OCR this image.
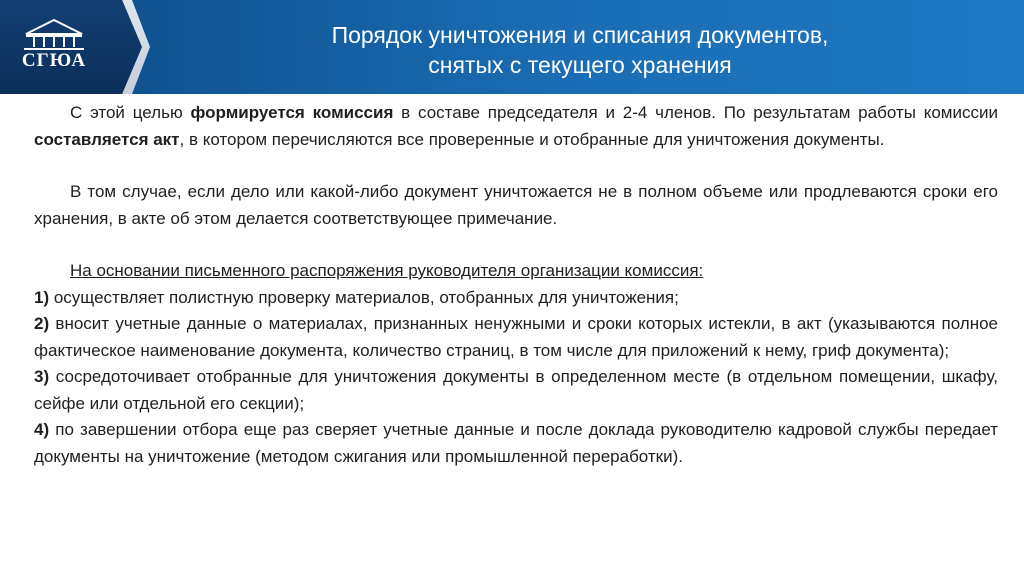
СГЮА
Порядок уничтожения и списания документов,
снятых с текущего хранения

С этой целью формируется комиссия в составе председателя и 2-4 членов. По результатам работы комиссии составляется акт, в котором перечисляются все проверенные и отобранные для уничтожения документы.

В том случае, если дело или какой-либо документ уничтожается не в полном объеме или продлеваются сроки его хранения, в акте об этом делается соответствующее примечание.

На основании письменного распоряжения руководителя организации комиссия:

1) осуществляет полистную проверку материалов, отобранных для уничтожения;

2) вносит учетные данные о материалах, признанных ненужными и сроки которых истекли, в акт (указываются полное фактическое наименование документа, количество страниц, в том числе для приложений к нему, гриф документа);

3) сосредоточивает отобранные для уничтожения документы в определенном месте (в отдельном помещении, шкафу, сейфе или отдельной его секции);

4) по завершении отбора еще раз сверяет учетные данные и после доклада руководителю кадровой службы передает документы на уничтожение (методом сжигания или промышленной переработки).
